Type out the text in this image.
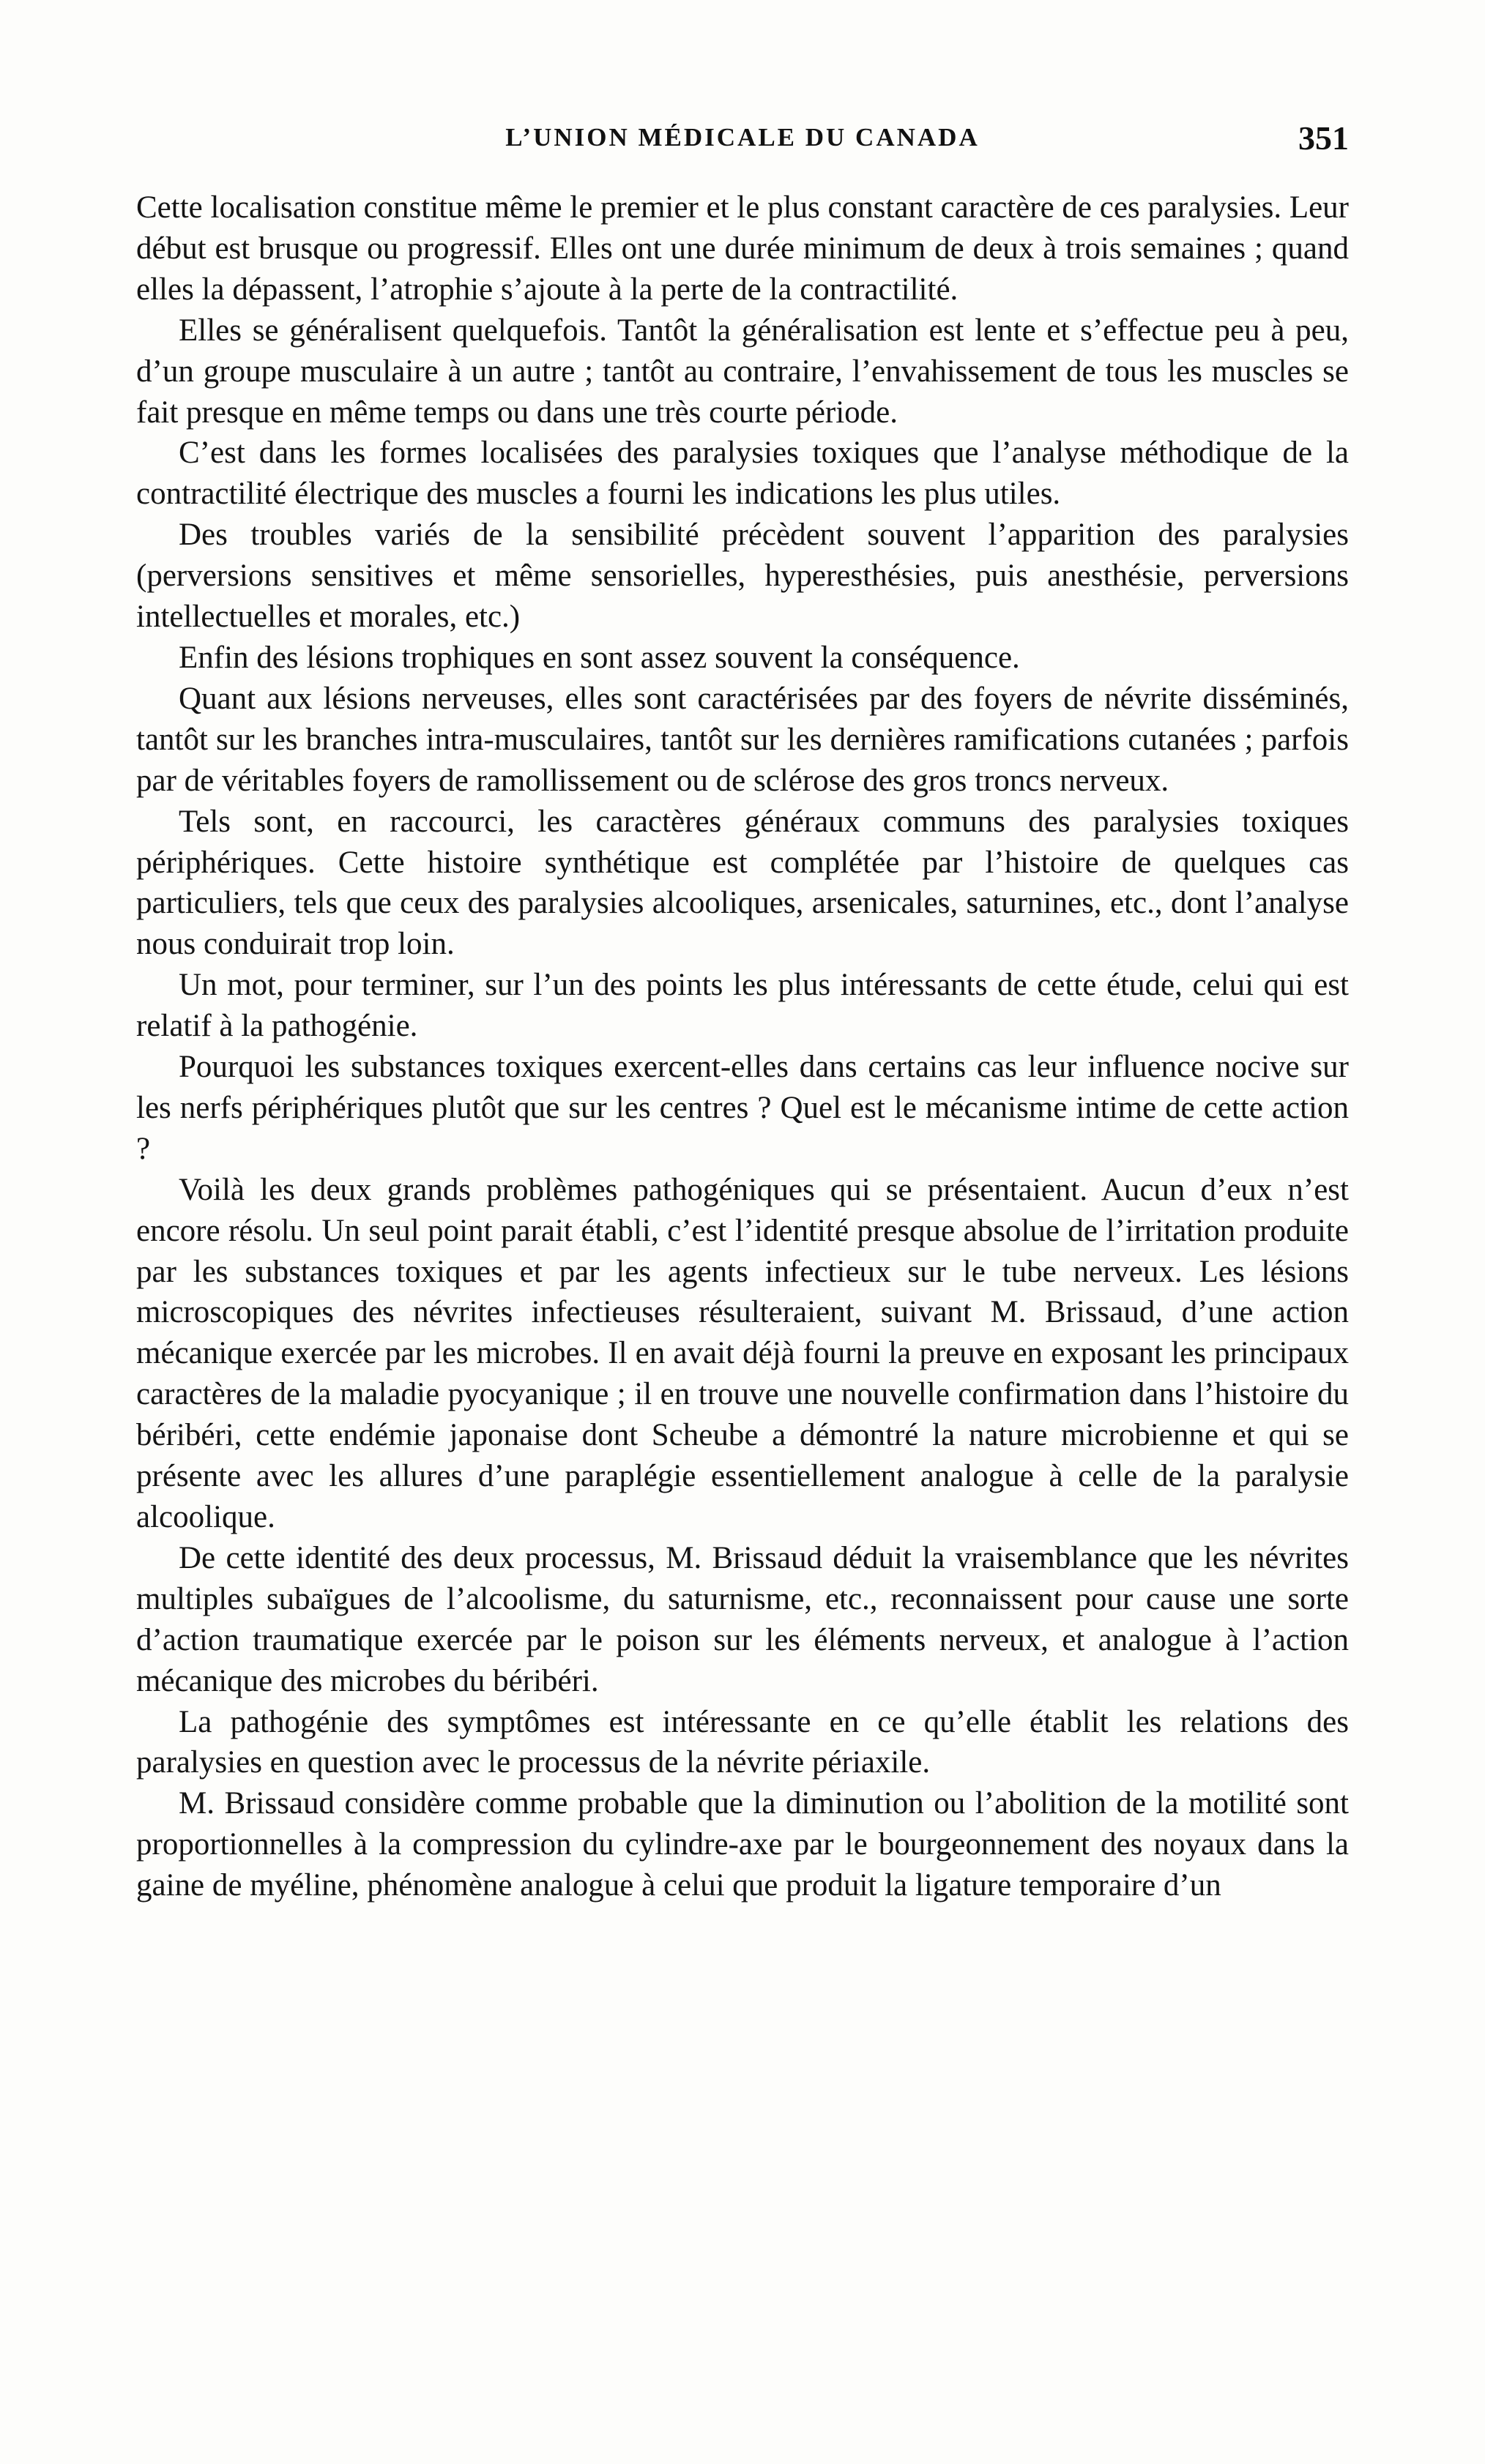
L’UNION MÉDICALE DU CANADA	351

Cette localisation constitue même le premier et le plus constant caractère de ces paralysies. Leur début est brusque ou progressif. Elles ont une durée minimum de deux à trois semaines ; quand elles la dépassent, l’atrophie s’ajoute à la perte de la contractilité.

Elles se généralisent quelquefois. Tantôt la généralisation est lente et s’effectue peu à peu, d’un groupe musculaire à un autre ; tantôt au contraire, l’envahissement de tous les muscles se fait presque en même temps ou dans une très courte période.

C’est dans les formes localisées des paralysies toxiques que l’analyse méthodique de la contractilité électrique des muscles a fourni les indications les plus utiles.

Des troubles variés de la sensibilité précèdent souvent l’apparition des paralysies (perversions sensitives et même sensorielles, hyperesthésies, puis anesthésie, perversions intellectuelles et morales, etc.)

Enfin des lésions trophiques en sont assez souvent la conséquence.

Quant aux lésions nerveuses, elles sont caractérisées par des foyers de névrite disséminés, tantôt sur les branches intra-musculaires, tantôt sur les dernières ramifications cutanées ; parfois par de véritables foyers de ramollissement ou de sclérose des gros troncs nerveux.

Tels sont, en raccourci, les caractères généraux communs des paralysies toxiques périphériques. Cette histoire synthétique est complétée par l’histoire de quelques cas particuliers, tels que ceux des paralysies alcooliques, arsenicales, saturnines, etc., dont l’analyse nous conduirait trop loin.

Un mot, pour terminer, sur l’un des points les plus intéressants de cette étude, celui qui est relatif à la pathogénie.

Pourquoi les substances toxiques exercent-elles dans certains cas leur influence nocive sur les nerfs périphériques plutôt que sur les centres ? Quel est le mécanisme intime de cette action ?

Voilà les deux grands problèmes pathogéniques qui se présentaient. Aucun d’eux n’est encore résolu. Un seul point parait établi, c’est l’identité presque absolue de l’irritation produite par les substances toxiques et par les agents infectieux sur le tube nerveux. Les lésions microscopiques des névrites infectieuses résulteraient, suivant M. Brissaud, d’une action mécanique exercée par les microbes. Il en avait déjà fourni la preuve en exposant les principaux caractères de la maladie pyocyanique ; il en trouve une nouvelle confirmation dans l’histoire du béribéri, cette endémie japonaise dont Scheube a démontré la nature microbienne et qui se présente avec les allures d’une paraplégie essentiellement analogue à celle de la paralysie alcoolique.

De cette identité des deux processus, M. Brissaud déduit la vraisemblance que les névrites multiples subaïgues de l’alcoolisme, du saturnisme, etc., reconnaissent pour cause une sorte d’action traumatique exercée par le poison sur les éléments nerveux, et analogue à l’action mécanique des microbes du béribéri.

La pathogénie des symptômes est intéressante en ce qu’elle établit les relations des paralysies en question avec le processus de la névrite périaxile.

M. Brissaud considère comme probable que la diminution ou l’abolition de la motilité sont proportionnelles à la compression du cylindre-axe par le bourgeonnement des noyaux dans la gaine de myéline, phénomène analogue à celui que produit la ligature temporaire d’un
